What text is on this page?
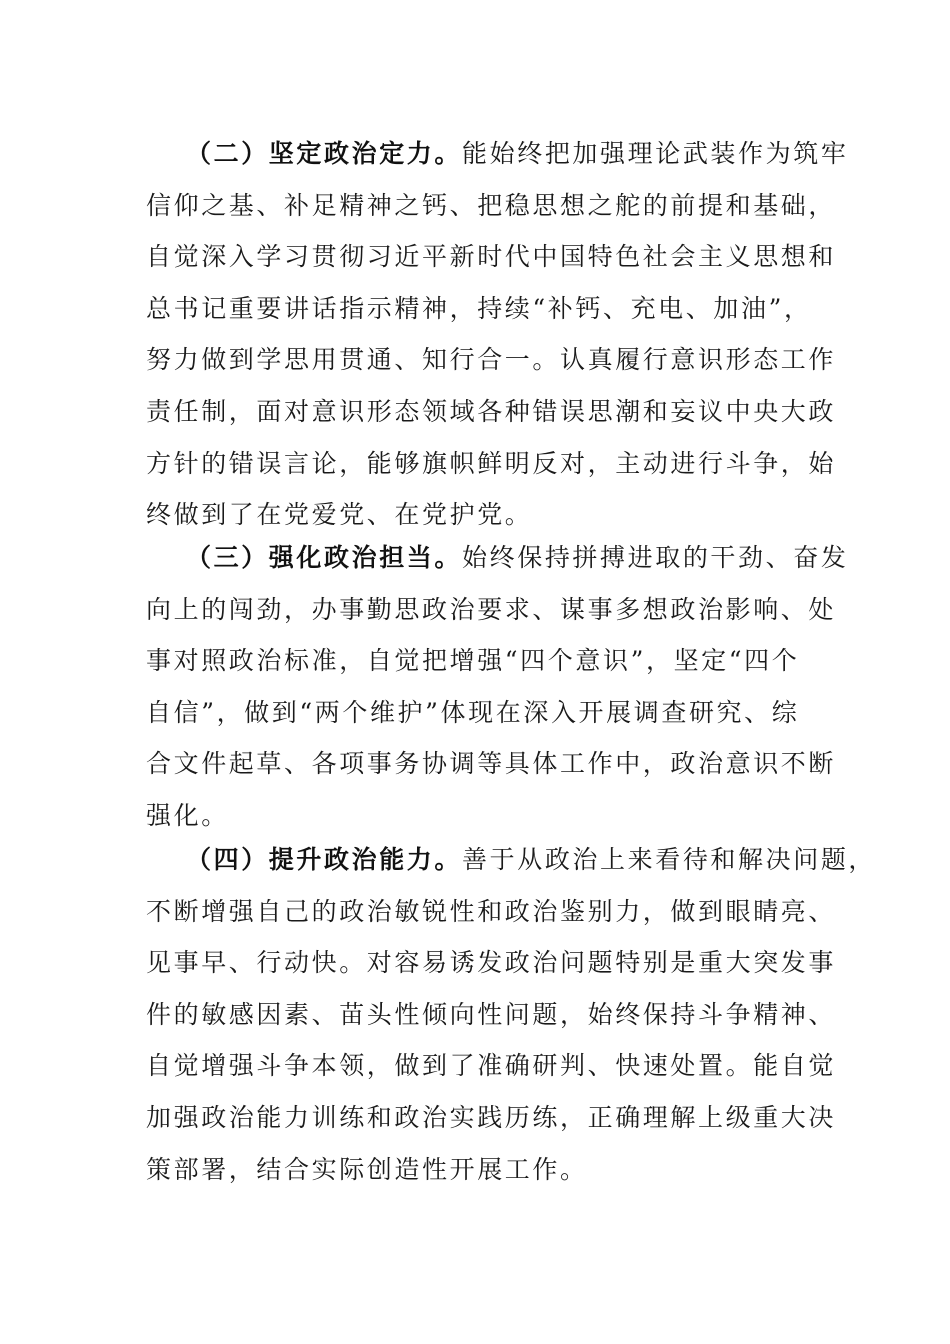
（二）坚定政治定力。能始终把加强理论武装作为筑牢
信仰之基、补足精神之钙、把稳思想之舵的前提和基础，
自觉深入学习贯彻习近平新时代中国特色社会主义思想和
总书记重要讲话指示精神，持续“补钙、充电、加油”，
努力做到学思用贯通、知行合一。认真履行意识形态工作
责任制，面对意识形态领域各种错误思潮和妄议中央大政
方针的错误言论，能够旗帜鲜明反对，主动进行斗争，始
终做到了在党爱党、在党护党。

（三）强化政治担当。始终保持拼搏进取的干劲、奋发
向上的闯劲，办事勤思政治要求、谋事多想政治影响、处
事对照政治标准，自觉把增强“四个意识”，坚定“四个
自信”，做到“两个维护”体现在深入开展调查研究、综
合文件起草、各项事务协调等具体工作中，政治意识不断
强化。

（四）提升政治能力。善于从政治上来看待和解决问题，
不断增强自己的政治敏锐性和政治鉴别力，做到眼睛亮、
见事早、行动快。对容易诱发政治问题特别是重大突发事
件的敏感因素、苗头性倾向性问题，始终保持斗争精神、
自觉增强斗争本领，做到了准确研判、快速处置。能自觉
加强政治能力训练和政治实践历练，正确理解上级重大决
策部署，结合实际创造性开展工作。
